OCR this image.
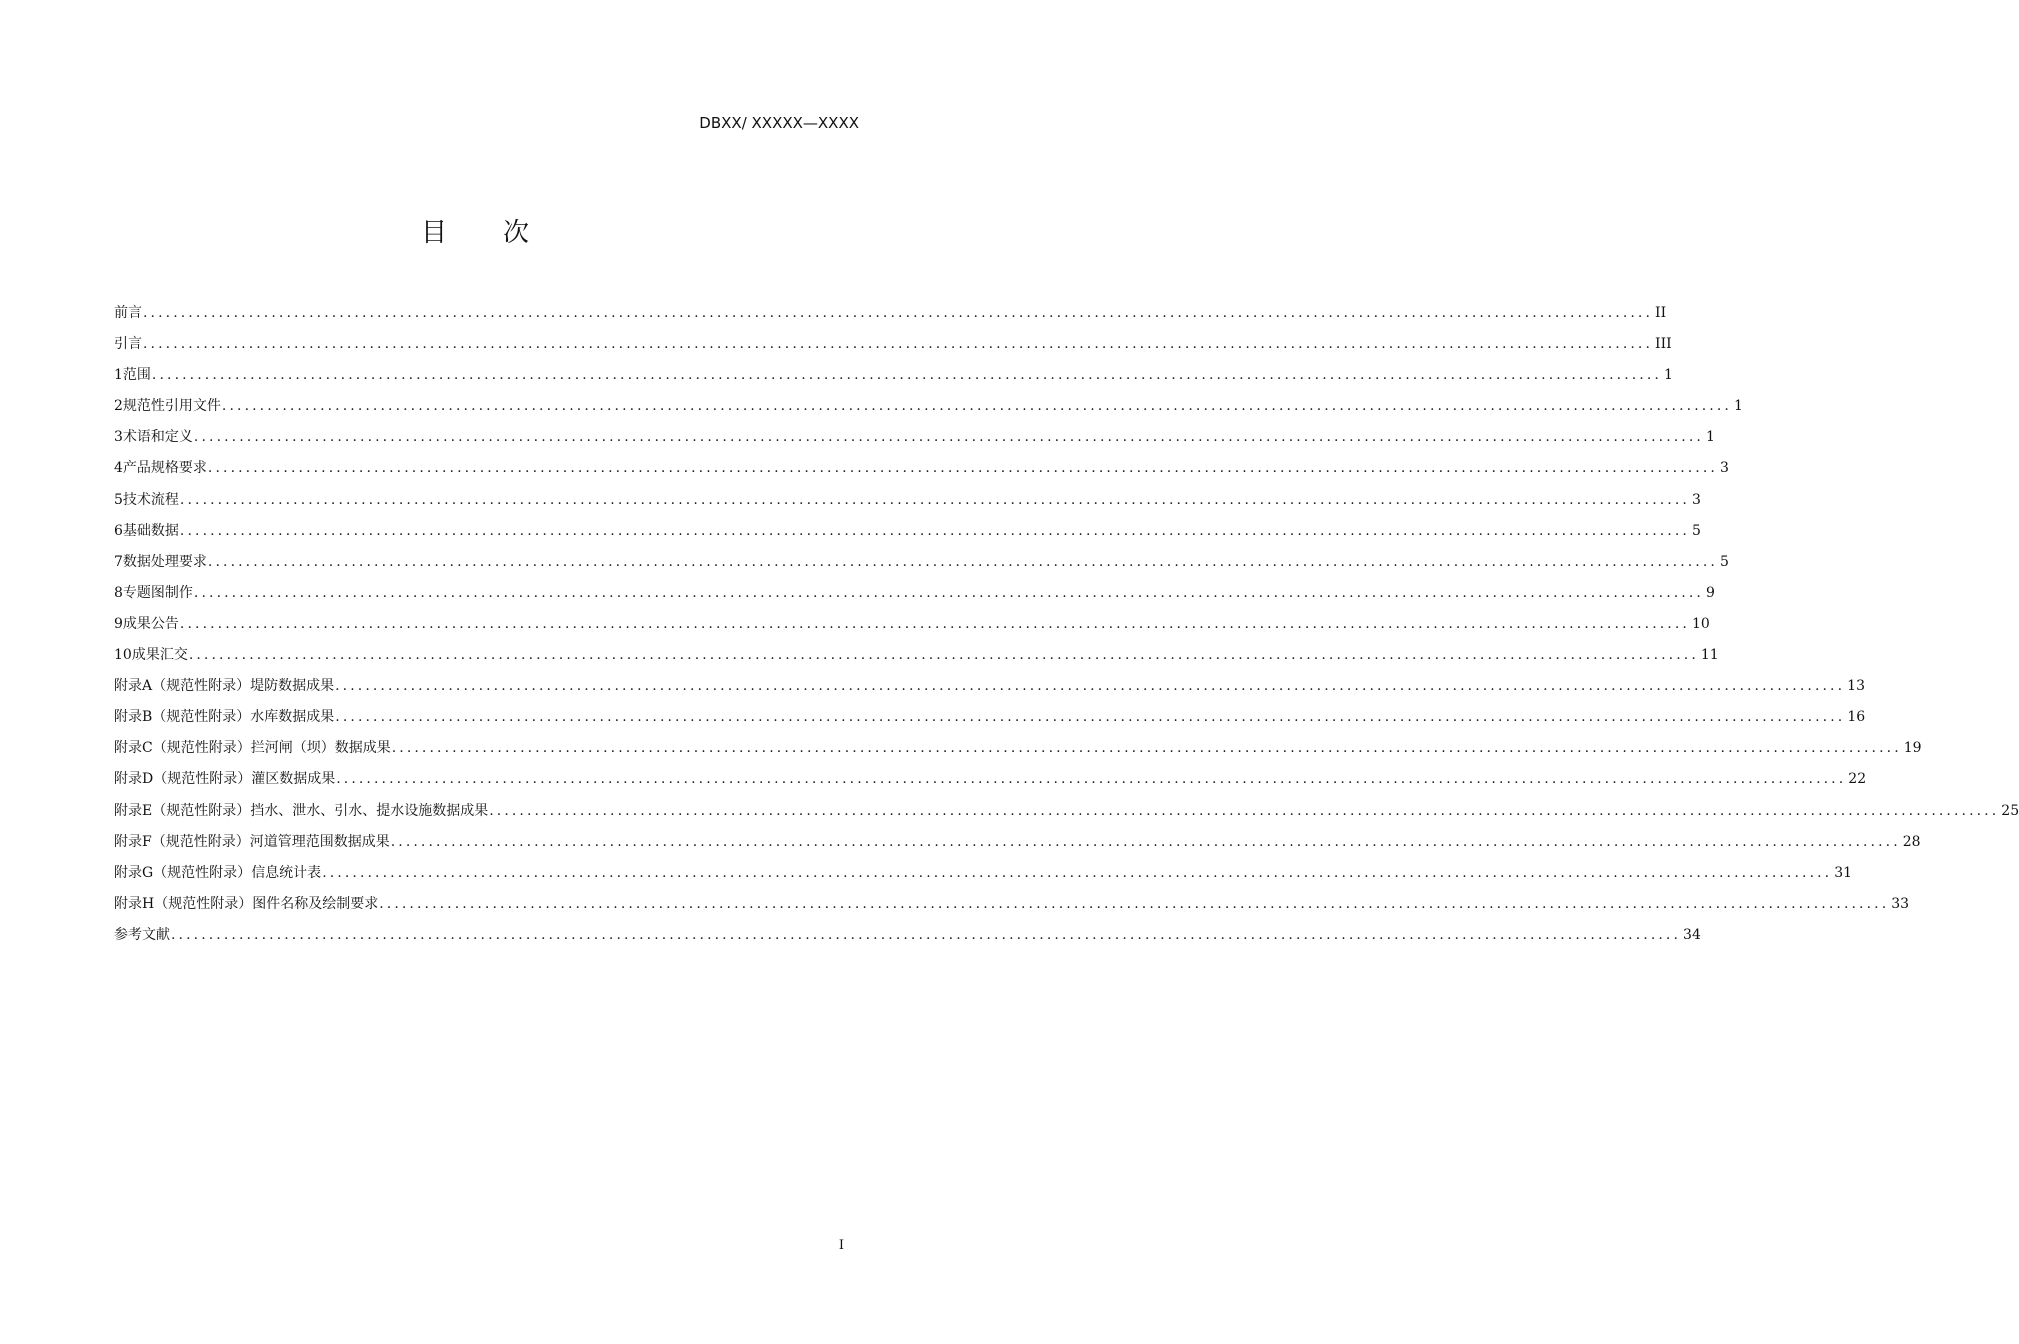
DBXX/ XXXXX—XXXX
目次
前言 ........................................................................................................................................................................................................ II
引言 ........................................................................................................................................................................................................ III
1 范围 ........................................................................................................................................................................................................ 1
2 规范性引用文件 ........................................................................................................................................................................................................ 1
3 术语和定义 ........................................................................................................................................................................................................ 1
4 产品规格要求 ........................................................................................................................................................................................................ 3
5 技术流程 ........................................................................................................................................................................................................ 3
6 基础数据 ........................................................................................................................................................................................................ 5
7 数据处理要求 ........................................................................................................................................................................................................ 5
8 专题图制作 ........................................................................................................................................................................................................ 9
9 成果公告 ........................................................................................................................................................................................................ 10
10 成果汇交 ........................................................................................................................................................................................................ 11
附录A（规范性附录） 堤防数据成果 ........................................................................................................................................................................................................ 13
附录B（规范性附录） 水库数据成果 ........................................................................................................................................................................................................ 16
附录C（规范性附录） 拦河闸（坝）数据成果 ........................................................................................................................................................................................................ 19
附录D（规范性附录） 灌区数据成果 ........................................................................................................................................................................................................ 22
附录E（规范性附录） 挡水、泄水、引水、提水设施数据成果 ........................................................................................................................................................................................................ 25
附录F（规范性附录） 河道管理范围数据成果 ........................................................................................................................................................................................................ 28
附录G（规范性附录） 信息统计表 ........................................................................................................................................................................................................ 31
附录H（规范性附录） 图件名称及绘制要求 ........................................................................................................................................................................................................ 33
参考文献 ........................................................................................................................................................................................................ 34
I
